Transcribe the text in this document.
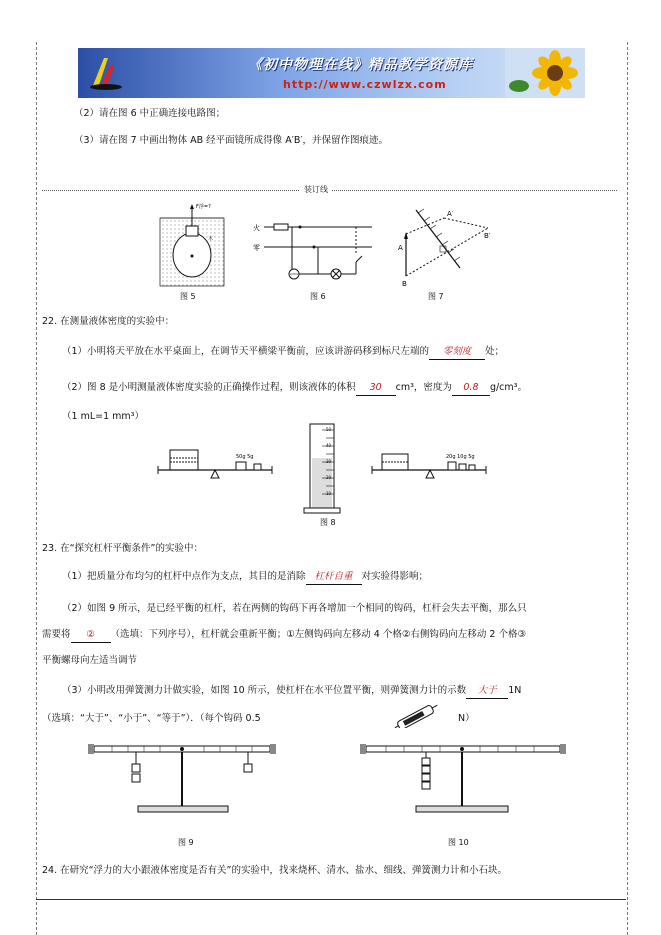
《初中物理在线》精品教学资源库
http://www.czwlzx.com
（2）请在图 6 中正确连接电路图；
（3）请在图 7 中画出物体 AB 经平面镜所成得像 A′B′，并保留作图痕迹。
装订线
F浮=?
木
图 5
火
零
图 6
A
B
A′
B′
图 7
22. 在测量液体密度的实验中：
（1）小明将天平放在水平桌面上，在调节天平横梁平衡前，应该讲游码移到标尺左端的 零刻度 处；
（2）图 8 是小明测量液体密度实验的正确操作过程，则该液体的体积 30 cm³，密度为 0.8 g/cm³。
（1 mL=1 mm³）
50g 5g
50
40
30
20
10
20g 10g 5g
图 8
23. 在“探究杠杆平衡条件”的实验中：
（1）把质量分布均匀的杠杆中点作为支点，其目的是消除 杠杆自重 对实验得影响；
（2）如图 9 所示，是已经平衡的杠杆，若在两侧的钩码下再各增加一个相同的钩码，杠杆会失去平衡，那么只
需要将 ② （选填：下列序号），杠杆就会重新平衡；①左侧钩码向左移动 4 个格②右侧钩码向左移动 2 个格③
平衡螺母向左适当调节
（3）小明改用弹簧测力计做实验，如图 10 所示，使杠杆在水平位置平衡，则弹簧测力计的示数 大于 1N
（选填：“大于”、“小于”、“等于”）．（每个钩码 0.5	N）
图 9	图 10
24. 在研究“浮力的大小跟液体密度是否有关”的实验中，找来烧杯、清水、盐水、细线、弹簧测力计和小石块。
